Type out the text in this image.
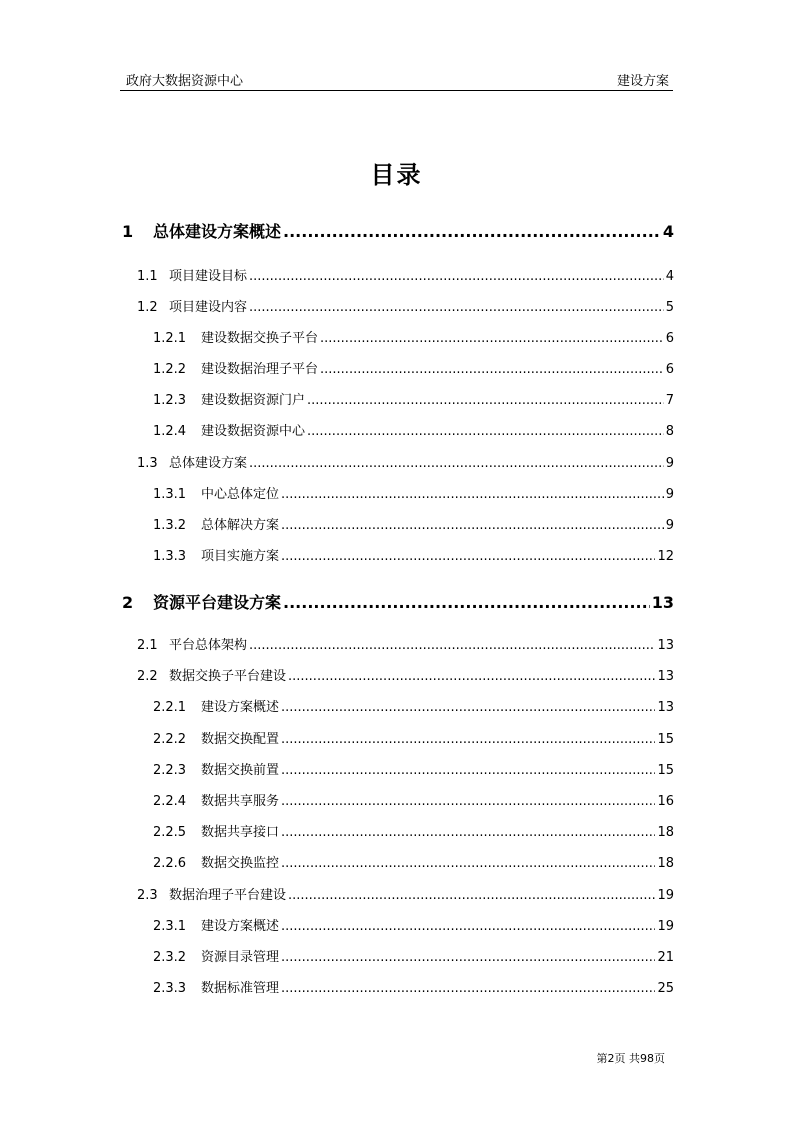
政府大数据资源中心	建设方案
目录
1	总体建设方案概述 .....	4
1.1 项目建设目标 .....	4
1.2 项目建设内容 .....	5
1.2.1	建设数据交换子平台 .....	6
1.2.2	建设数据治理子平台 .....	6
1.2.3	建设数据资源门户 .....	7
1.2.4	建设数据资源中心 .....	8
1.3 总体建设方案 .....	9
1.3.1	中心总体定位 .....	9
1.3.2	总体解决方案 .....	9
1.3.3	项目实施方案 .....	12
2	资源平台建设方案 .....	13
2.1 平台总体架构 .....	13
2.2 数据交换子平台建设 .....	13
2.2.1	建设方案概述 .....	13
2.2.2	数据交换配置 .....	15
2.2.3	数据交换前置 .....	15
2.2.4	数据共享服务 .....	16
2.2.5	数据共享接口 .....	18
2.2.6	数据交换监控 .....	18
2.3 数据治理子平台建设 .....	19
2.3.1	建设方案概述 .....	19
2.3.2	资源目录管理 .....	21
2.3.3	数据标准管理 .....	25
第2页 共98页
